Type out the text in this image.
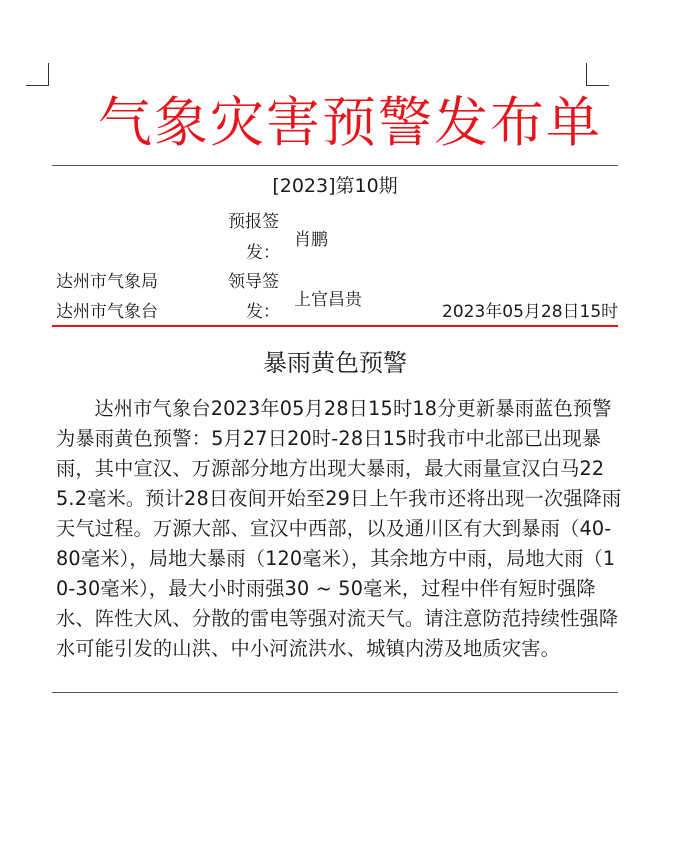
气象灾害预警发布单
[2023]第10期
预报签
发：
肖鹏
达州市气象局	领导签
达州市气象台	发：
上官昌贵
2023年05月28日15时
暴雨黄色预警
达州市气象台2023年05月28日15时18分更新暴雨蓝色预警为暴雨黄色预警：5月27日20时-28日15时我市中北部已出现暴雨，其中宣汉、万源部分地方出现大暴雨，最大雨量宣汉白马225.2毫米。预计28日夜间开始至29日上午我市还将出现一次强降雨天气过程。万源大部、宣汉中西部，以及通川区有大到暴雨（40-80毫米），局地大暴雨（120毫米），其余地方中雨，局地大雨（10-30毫米），最大小时雨强30 ~ 50毫米，过程中伴有短时强降水、阵性大风、分散的雷电等强对流天气。请注意防范持续性强降水可能引发的山洪、中小河流洪水、城镇内涝及地质灾害。
